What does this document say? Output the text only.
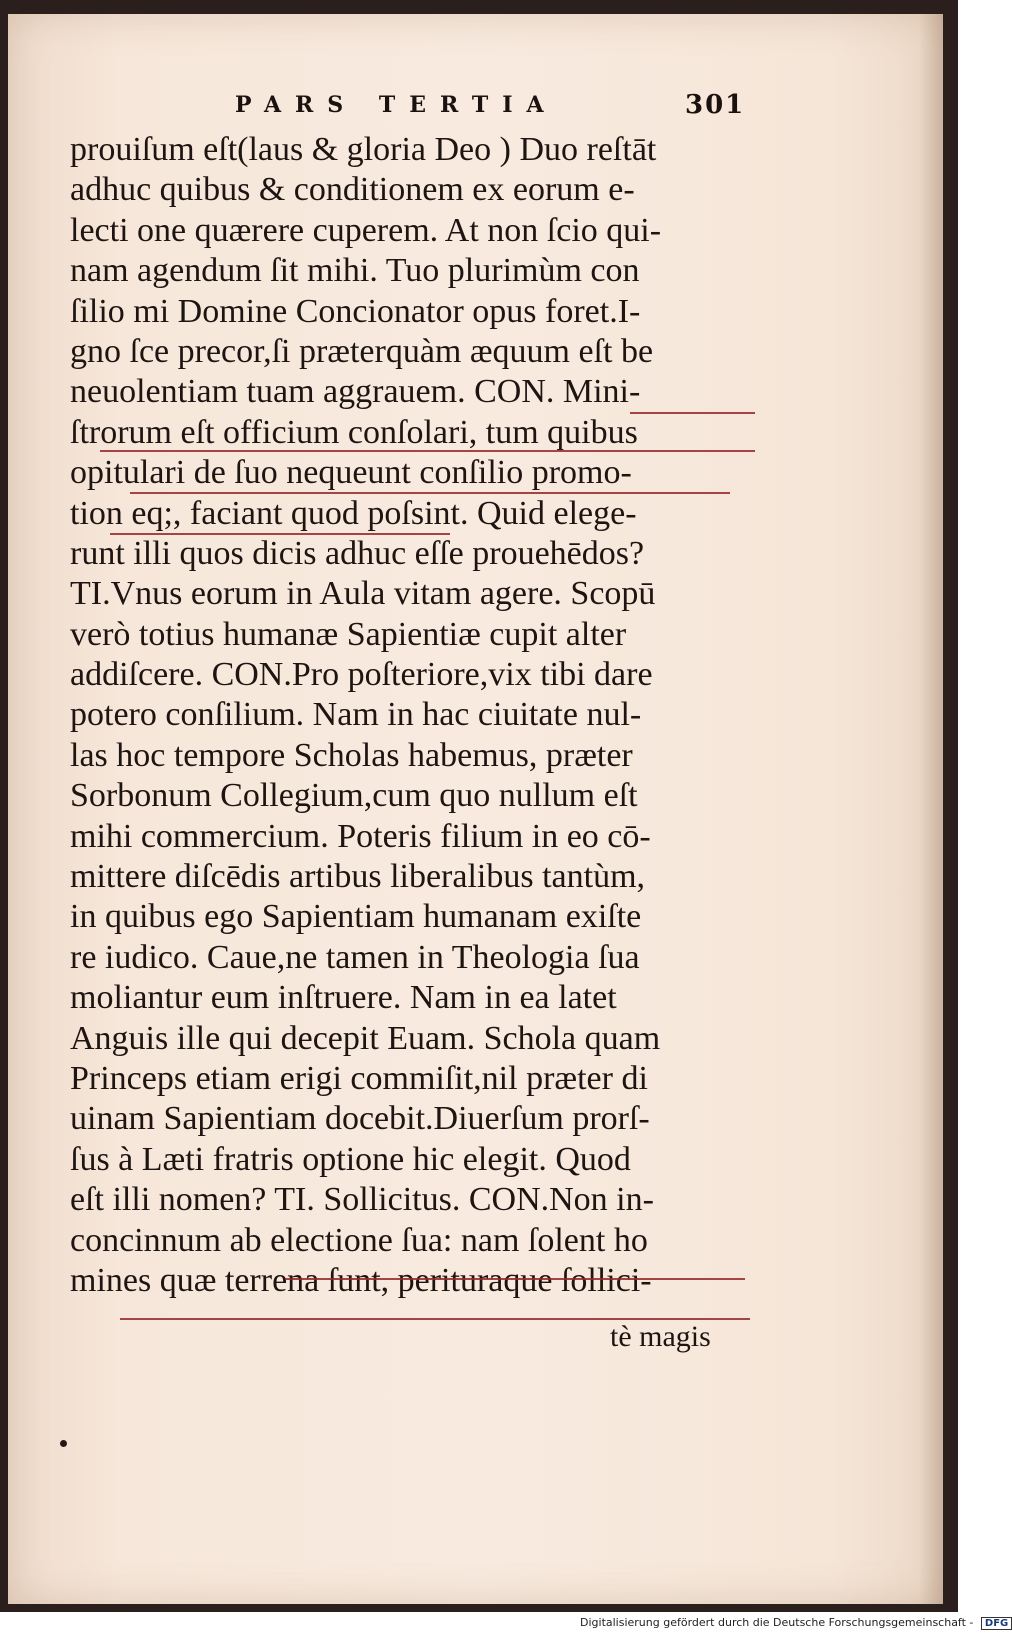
PARS TERTIA	301
prouiſum eſt(laus & gloria Deo ) Duo reſtāt
adhuc quibus & conditionem ex eorum e-
lecti one quærere cuperem. At non ſcio qui-
nam agendum ſit mihi. Tuo plurimùm con
ſilio mi Domine Concionator opus foret.I-
gno ſce precor,ſi præterquàm æquum eſt be
neuolentiam tuam aggrauem. CON. Mini-
ſtrorum eſt officium conſolari, tum quibus
opitulari de ſuo nequeunt conſilio promo-
tion eq;, faciant quod poſsint. Quid elege-
runt illi quos dicis adhuc eſſe prouehēdos?
TI.Vnus eorum in Aula vitam agere. Scopū
verò totius humanæ Sapientiæ cupit alter
addiſcere. CON.Pro poſteriore,vix tibi dare
potero conſilium. Nam in hac ciuitate nul-
las hoc tempore Scholas habemus, præter
Sorbonum Collegium,cum quo nullum eſt
mihi commercium. Poteris filium in eo cō-
mittere diſcēdis artibus liberalibus tantùm,
in quibus ego Sapientiam humanam exiſte
re iudico. Caue,ne tamen in Theologia ſua
moliantur eum inſtruere. Nam in ea latet
Anguis ille qui decepit Euam. Schola quam
Princeps etiam erigi commiſit,nil præter di
uinam Sapientiam docebit.Diuerſum prorſ-
ſus à Læti fratris optione hic elegit. Quod
eſt illi nomen? TI. Sollicitus. CON.Non in-
concinnum ab electione ſua: nam ſolent ho
mines quæ terrena ſunt, perituraque ſollici-
tè magis
Digitalisierung gefördert durch die Deutsche Forschungsgemeinschaft - DFG
